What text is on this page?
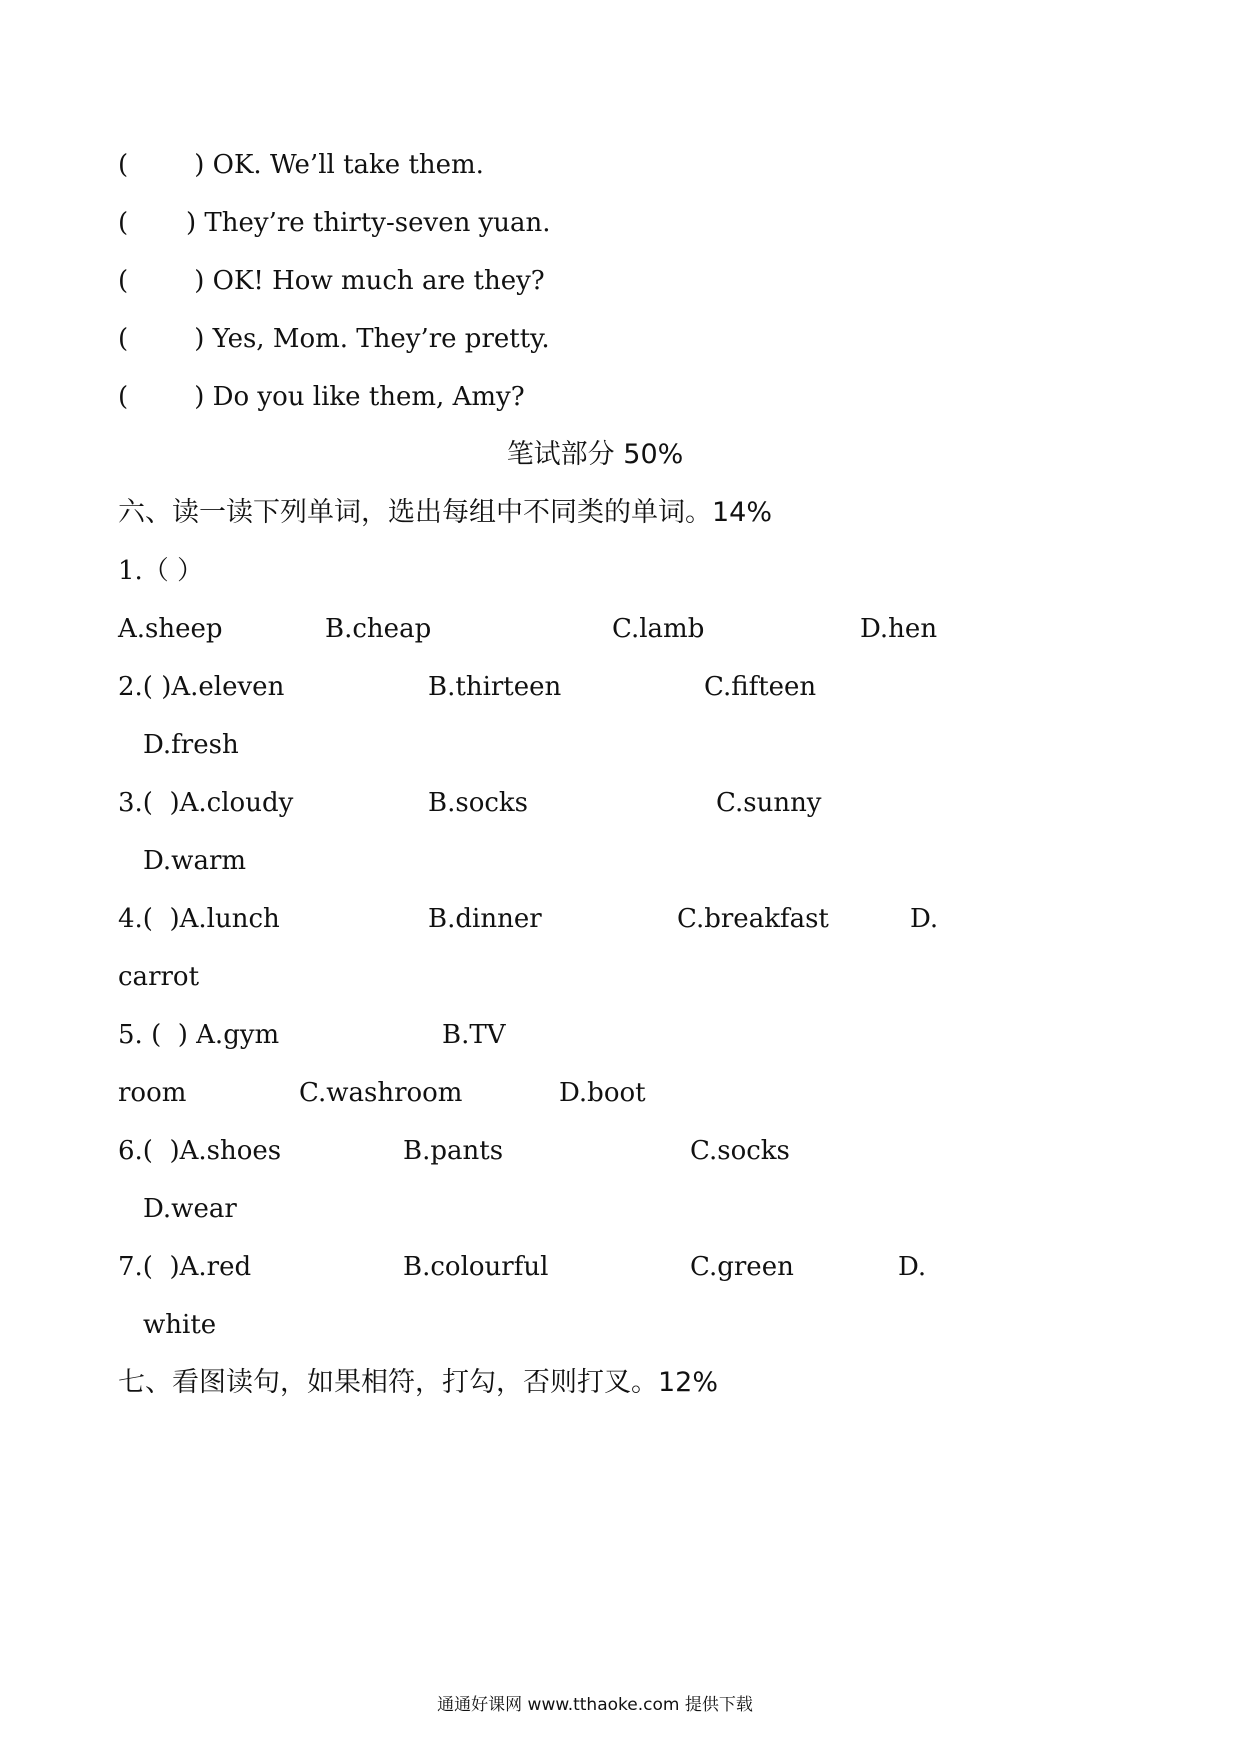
(        ) OK. We’ll take them.
(       ) They’re thirty-seven yuan.
(        ) OK! How much are they?
(        ) Yes, Mom. They’re pretty.
(        ) Do you like them, Amy?
笔试部分 50%
六、读一读下列单词，选出每组中不同类的单词。14%
1.（ ）
A.sheep	B.cheap	C.lamb	D.hen
2.( )A.eleven	B.thirteen	C.fifteen
D.fresh
3.(  )A.cloudy	B.socks	C.sunny
D.warm
4.(  )A.lunch	B.dinner	C.breakfast	D.
carrot
5. (  ) A.gym	B.TV
room	C.washroom	D.boot
6.(  )A.shoes	B.pants	C.socks
D.wear
7.(  )A.red	B.colourful	C.green	D.
white
七、看图读句，如果相符，打勾，否则打叉。12%
通通好课网 www.tthaoke.com 提供下载
